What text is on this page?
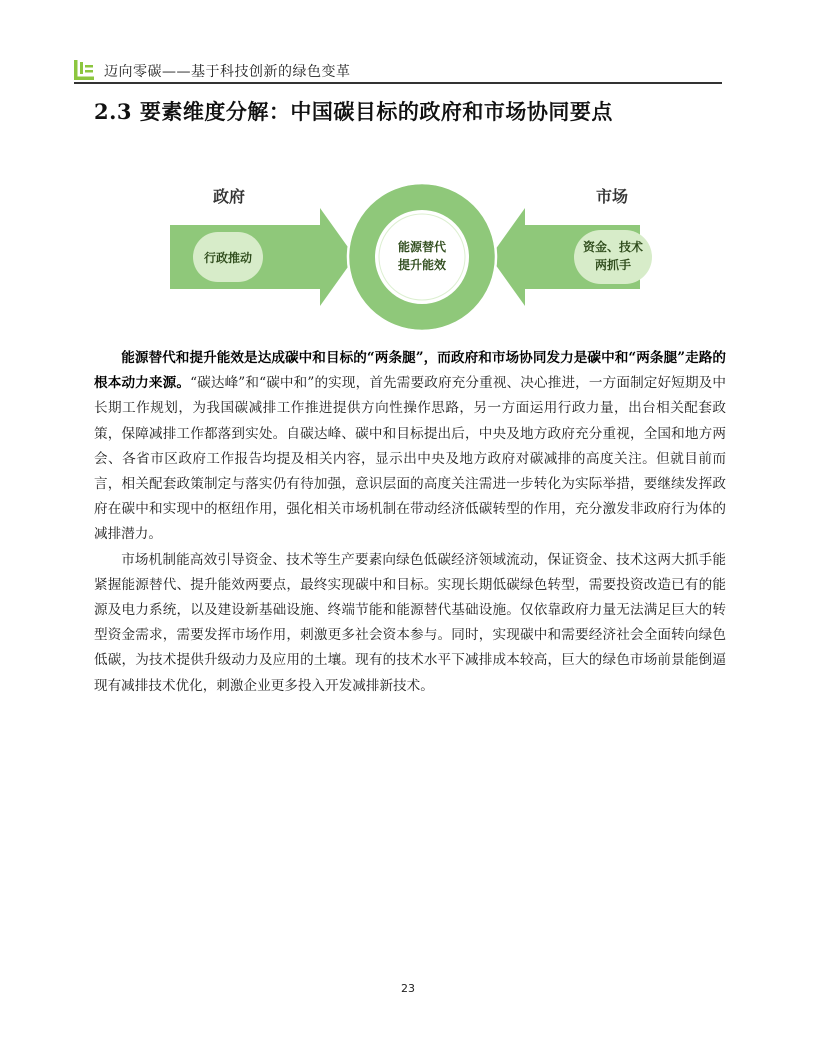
迈向零碳——基于科技创新的绿色变革
2.3 要素维度分解：中国碳目标的政府和市场协同要点
政府
行政推动
市场
资金、技术
两抓手
能源替代
提升能效

能源替代和提升能效是达成碳中和目标的“两条腿”，而政府和市场协同发力是碳中和“两条腿”走路的根本动力来源。“碳达峰”和“碳中和”的实现，首先需要政府充分重视、决心推进，一方面制定好短期及中长期工作规划，为我国碳减排工作推进提供方向性操作思路，另一方面运用行政力量，出台相关配套政策，保障减排工作都落到实处。自碳达峰、碳中和目标提出后，中央及地方政府充分重视，全国和地方两会、各省市区政府工作报告均提及相关内容，显示出中央及地方政府对碳减排的高度关注。但就目前而言，相关配套政策制定与落实仍有待加强，意识层面的高度关注需进一步转化为实际举措，要继续发挥政府在碳中和实现中的枢纽作用，强化相关市场机制在带动经济低碳转型的作用，充分激发非政府行为体的减排潜力。

市场机制能高效引导资金、技术等生产要素向绿色低碳经济领域流动，保证资金、技术这两大抓手能紧握能源替代、提升能效两要点，最终实现碳中和目标。实现长期低碳绿色转型，需要投资改造已有的能源及电力系统，以及建设新基础设施、终端节能和能源替代基础设施。仅依靠政府力量无法满足巨大的转型资金需求，需要发挥市场作用，刺激更多社会资本参与。同时，实现碳中和需要经济社会全面转向绿色低碳，为技术提供升级动力及应用的土壤。现有的技术水平下减排成本较高，巨大的绿色市场前景能倒逼现有减排技术优化，刺激企业更多投入开发减排新技术。

23
